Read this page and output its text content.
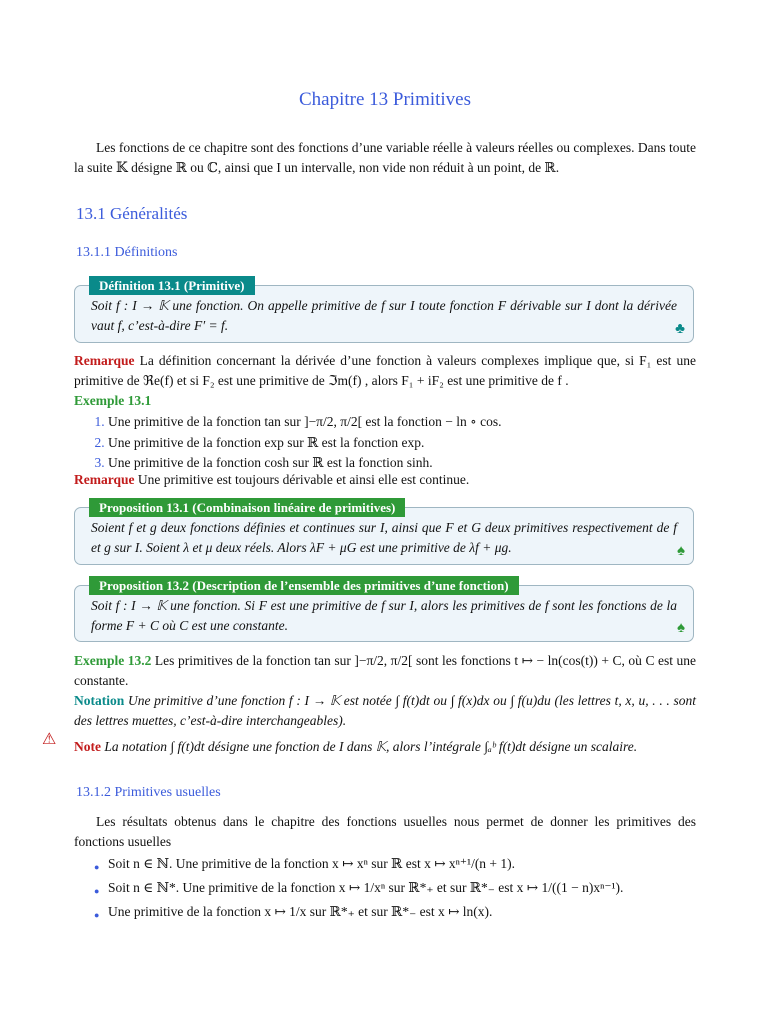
Chapitre 13 Primitives

Les fonctions de ce chapitre sont des fonctions d’une variable réelle à valeurs réelles ou complexes. Dans toute la suite 𝕂 désigne ℝ ou ℂ, ainsi que I un intervalle, non vide non réduit à un point, de ℝ.

13.1 Généralités
13.1.1 Définitions
Définition 13.1 (Primitive)
Soit f : I → 𝕂 une fonction. On appelle primitive de f sur I toute fonction F dérivable sur I dont la dérivée vaut f, c’est-à-dire F′ = f.	♣
Remarque La définition concernant la dérivée d’une fonction à valeurs complexes implique que, si F₁ est une primitive de ℜe(f) et si F₂ est une primitive de ℑm(f) , alors F₁ + iF₂ est une primitive de f .
Exemple 13.1
1. Une primitive de la fonction tan sur ]−π/2, π/2[ est la fonction − ln ∘ cos.
2. Une primitive de la fonction exp sur ℝ est la fonction exp.
3. Une primitive de la fonction cosh sur ℝ est la fonction sinh.
Remarque Une primitive est toujours dérivable et ainsi elle est continue.
Proposition 13.1 (Combinaison linéaire de primitives)
Soient f et g deux fonctions définies et continues sur I, ainsi que F et G deux primitives respectivement de f et g sur I. Soient λ et μ deux réels. Alors λF + μG est une primitive de λf + μg.	♠
Proposition 13.2 (Description de l’ensemble des primitives d’une fonction)
Soit f : I → 𝕂 une fonction. Si F est une primitive de f sur I, alors les primitives de f sont les fonctions de la forme F + C où C est une constante.	♠
Exemple 13.2 Les primitives de la fonction tan sur ]−π/2, π/2[ sont les fonctions t ↦ − ln(cos(t)) + C, où C est une constante.
Notation Une primitive d’une fonction f : I → 𝕂 est notée ∫ f(t)dt ou ∫ f(x)dx ou ∫ f(u)du (les lettres t, x, u, . . . sont des lettres muettes, c’est-à-dire interchangeables).
Note La notation ∫ f(t)dt désigne une fonction de I dans 𝕂, alors l’intégrale ∫ₐᵇ f(t)dt désigne un scalaire.
13.1.2 Primitives usuelles

Les résultats obtenus dans le chapitre des fonctions usuelles nous permet de donner les primitives des fonctions usuelles

● Soit n ∈ ℕ. Une primitive de la fonction x ↦ xⁿ sur ℝ est x ↦ xⁿ⁺¹/(n + 1).
● Soit n ∈ ℕ*. Une primitive de la fonction x ↦ 1/xⁿ sur ℝ*₊ et sur ℝ*₋ est x ↦ 1/((1 − n)xⁿ⁻¹).
● Une primitive de la fonction x ↦ 1/x sur ℝ*₊ et sur ℝ*₋ est x ↦ ln(x).
⚠
